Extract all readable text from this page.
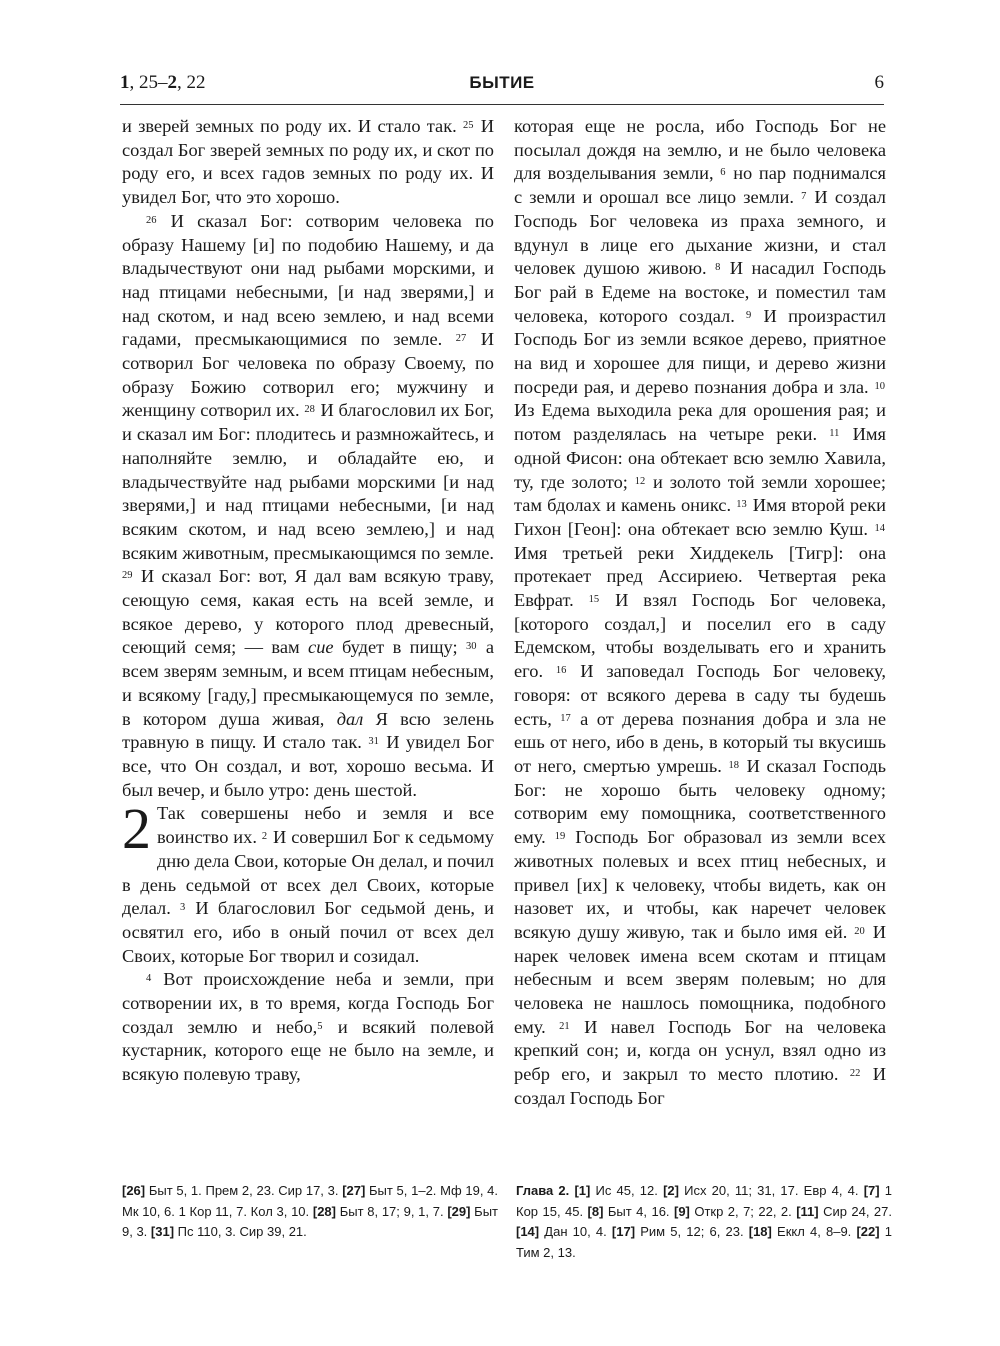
1, 25–2, 22	БЫТИЕ	6

и зверей земных по роду их. И стало так. $^{25}$ И создал Бог зверей земных по роду их, и скот по роду его, и всех гадов земных по роду их. И увидел Бог, что это хорошо.

$^{26}$ И сказал Бог: сотворим человека по образу Нашему [и] по подобию Нашему, и да владычествуют они над рыбами морскими, и над птицами небесными, [и над зверями,] и над скотом, и над всею землею, и над всеми гадами, пресмыкающимися по земле. $^{27}$ И сотворил Бог человека по образу Своему, по образу Божию сотворил его; мужчину и женщину сотворил их. $^{28}$ И благословил их Бог, и сказал им Бог: плодитесь и размножайтесь, и наполняйте землю, и обладайте ею, и владычествуйте над рыбами морскими [и над зверями,] и над птицами небесными, [и над всяким скотом, и над всею землею,] и над всяким животным, пресмыкающимся по земле. $^{29}$ И сказал Бог: вот, Я дал вам всякую траву, сеющую семя, какая есть на всей земле, и всякое дерево, у которого плод древесный, сеющий семя; — вам сие будет в пищу; $^{30}$ а всем зверям земным, и всем птицам небесным, и всякому [гаду,] пресмыкающемуся по земле, в котором душа живая, дал Я всю зелень травную в пищу. И стало так. $^{31}$ И увидел Бог все, что Он создал, и вот, хорошо весьма. И был вечер, и было утро: день шестой.

2 Так совершены небо и земля и все воинство их. $^2$ И совершил Бог к седьмому дню дела Свои, которые Он делал, и почил в день седьмой от всех дел Своих, которые делал. $^3$ И благословил Бог седьмой день, и освятил его, ибо в оный почил от всех дел Своих, которые Бог творил и созидал.

$^4$ Вот происхождение неба и земли, при сотворении их, в то время, когда Господь Бог создал землю и небо,$^5$ и всякий полевой кустарник, которого еще не было на земле, и всякую полевую траву,

которая еще не росла, ибо Господь Бог не посылал дождя на землю, и не было человека для возделывания земли, $^6$ но пар поднимался с земли и орошал все лицо земли. $^7$ И создал Господь Бог человека из праха земного, и вдунул в лице его дыхание жизни, и стал человек душою живою. $^8$ И насадил Господь Бог рай в Едеме на востоке, и поместил там человека, которого создал. $^9$ И произрастил Господь Бог из земли всякое дерево, приятное на вид и хорошее для пищи, и дерево жизни посреди рая, и дерево познания добра и зла. $^{10}$ Из Едема выходила река для орошения рая; и потом разделялась на четыре реки. $^{11}$ Имя одной Фисон: она обтекает всю землю Хавила, ту, где золото; $^{12}$ и золото той земли хорошее; там бдолах и камень оникс. $^{13}$ Имя второй реки Гихон [Геон]: она обтекает всю землю Куш. $^{14}$ Имя третьей реки Хиддекель [Тигр]: она протекает пред Ассириею. Четвертая река Евфрат. $^{15}$ И взял Господь Бог человека, [которого создал,] и поселил его в саду Едемском, чтобы возделывать его и хранить его. $^{16}$ И заповедал Господь Бог человеку, говоря: от всякого дерева в саду ты будешь есть, $^{17}$ а от дерева познания добра и зла не ешь от него, ибо в день, в который ты вкусишь от него, смертью умрешь. $^{18}$ И сказал Господь Бог: не хорошо быть человеку одному; сотворим ему помощника, соответственного ему. $^{19}$ Господь Бог образовал из земли всех животных полевых и всех птиц небесных, и привел [их] к человеку, чтобы видеть, как он назовет их, и чтобы, как наречет человек всякую душу живую, так и было имя ей. $^{20}$ И нарек человек имена всем скотам и птицам небесным и всем зверям полевым; но для человека не нашлось помощника, подобного ему. $^{21}$ И навел Господь Бог на человека крепкий сон; и, когда он уснул, взял одно из ребр его, и закрыл то место плотию. $^{22}$ И создал Господь Бог

[26] Быт 5, 1. Прем 2, 23. Сир 17, 3. [27] Быт 5, 1–2. Мф 19, 4. Мк 10, 6. 1 Кор 11, 7. Кол 3, 10. [28] Быт 8, 17; 9, 1, 7. [29] Быт 9, 3. [31] Пс 110, 3. Сир 39, 21.

Глава 2. [1] Ис 45, 12. [2] Исх 20, 11; 31, 17. Евр 4, 4. [7] 1 Кор 15, 45. [8] Быт 4, 16. [9] Откр 2, 7; 22, 2. [11] Сир 24, 27. [14] Дан 10, 4. [17] Рим 5, 12; 6, 23. [18] Еккл 4, 8–9. [22] 1 Тим 2, 13.
